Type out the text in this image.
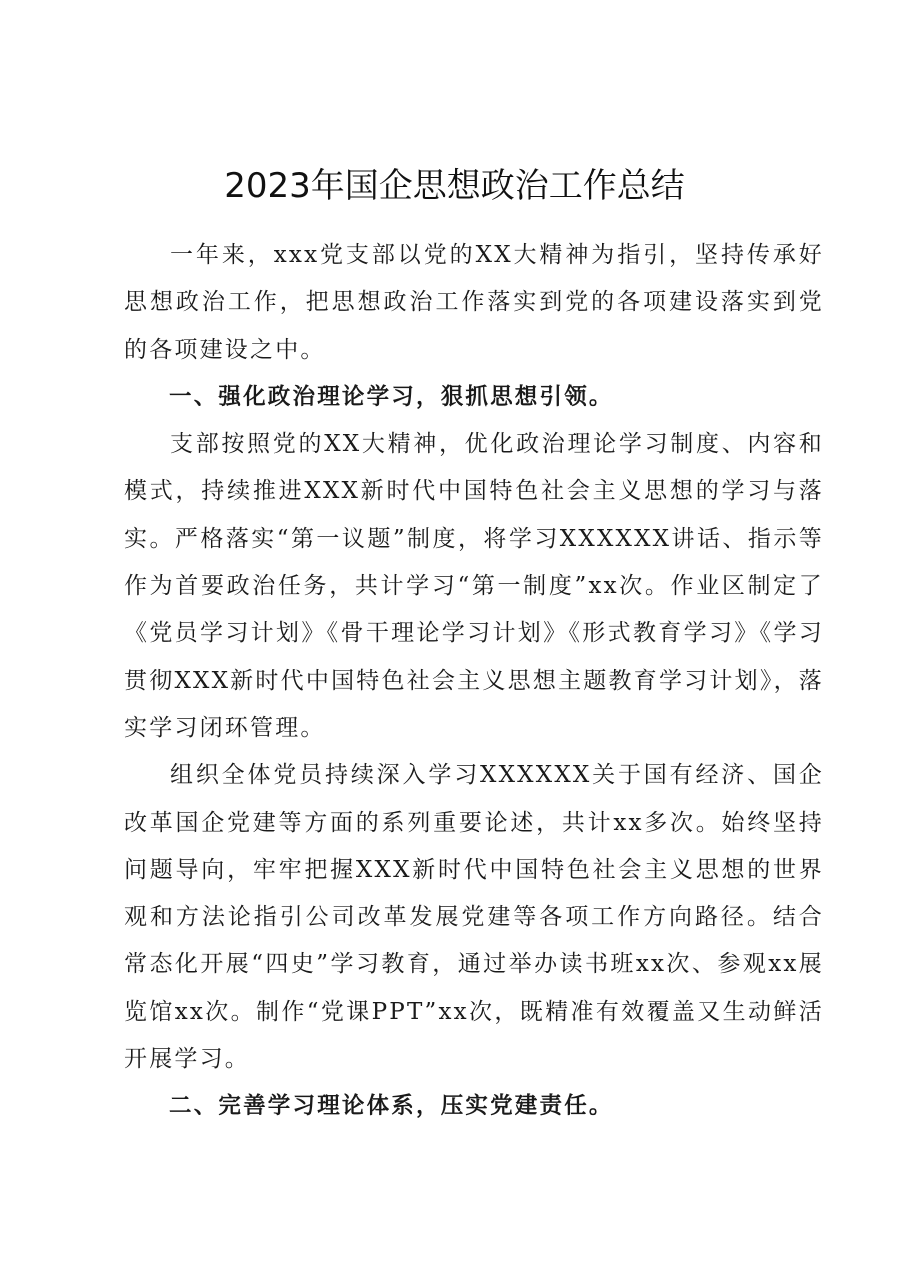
2023年国企思想政治工作总结

一年来，xxx党支部以党的XX大精神为指引，坚持传承好思想政治工作，把思想政治工作落实到党的各项建设落实到党的各项建设之中。

一、强化政治理论学习，狠抓思想引领。

支部按照党的XX大精神，优化政治理论学习制度、内容和模式，持续推进XXX新时代中国特色社会主义思想的学习与落实。严格落实“第一议题”制度，将学习XXXXXX讲话、指示等作为首要政治任务，共计学习“第一制度”xx次。作业区制定了《党员学习计划》《骨干理论学习计划》《形式教育学习》《学习贯彻XXX新时代中国特色社会主义思想主题教育学习计划》，落实学习闭环管理。

组织全体党员持续深入学习XXXXXX关于国有经济、国企改革国企党建等方面的系列重要论述，共计xx多次。始终坚持问题导向，牢牢把握XXX新时代中国特色社会主义思想的世界观和方法论指引公司改革发展党建等各项工作方向路径。结合常态化开展“四史”学习教育，通过举办读书班xx次、参观xx展览馆xx次。制作“党课PPT”xx次，既精准有效覆盖又生动鲜活开展学习。

二、完善学习理论体系，压实党建责任。
